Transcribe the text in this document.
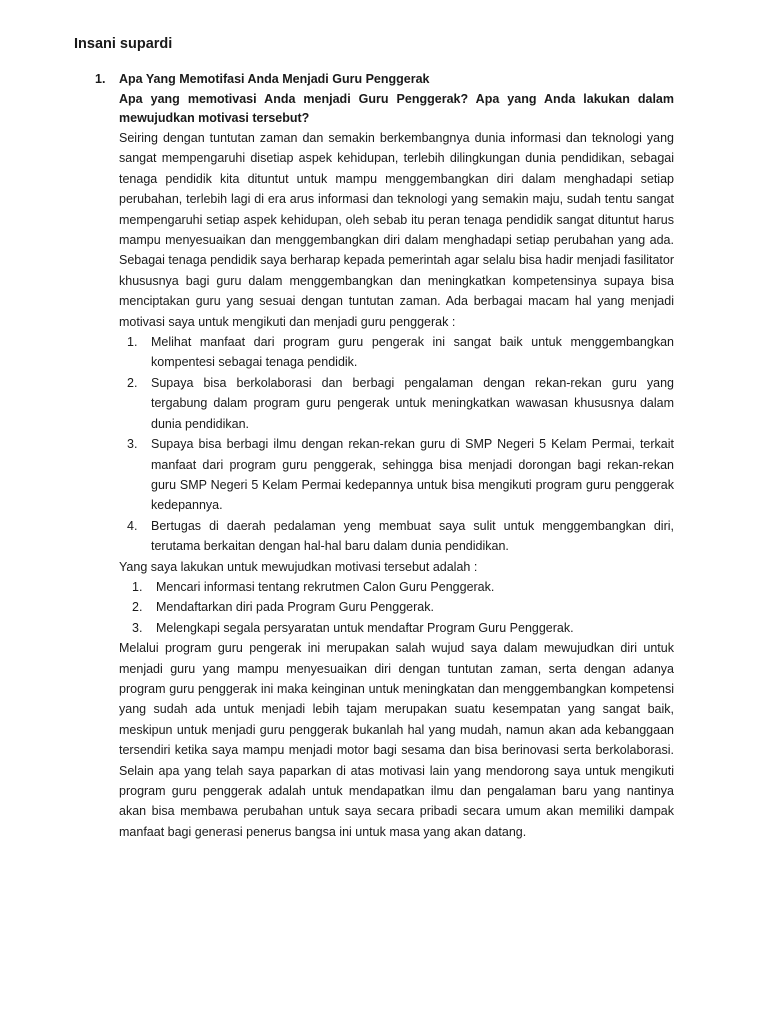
Insani supardi
1. Apa Yang Memotifasi Anda Menjadi Guru Penggerak

Apa yang memotivasi Anda menjadi Guru Penggerak? Apa yang Anda lakukan dalam mewujudkan motivasi tersebut?

Seiring dengan tuntutan zaman dan semakin berkembangnya dunia informasi dan teknologi yang sangat mempengaruhi disetiap aspek kehidupan, terlebih dilingkungan dunia pendidikan, sebagai tenaga pendidik kita dituntut untuk mampu menggembangkan diri dalam menghadapi setiap perubahan, terlebih lagi di era arus informasi dan teknologi yang semakin maju, sudah tentu sangat mempengaruhi setiap aspek kehidupan, oleh sebab itu peran tenaga pendidik sangat dituntut harus mampu menyesuaikan dan menggembangkan diri dalam menghadapi setiap perubahan yang ada. Sebagai tenaga pendidik saya berharap kepada pemerintah agar selalu bisa hadir menjadi fasilitator khususnya bagi guru dalam menggembangkan dan meningkatkan kompetensinya supaya bisa menciptakan guru yang sesuai dengan tuntutan zaman. Ada berbagai macam hal yang menjadi motivasi saya untuk mengikuti dan menjadi guru penggerak :

1. Melihat manfaat dari program guru pengerak ini sangat baik untuk menggembangkan kompentesi sebagai tenaga pendidik.
2. Supaya bisa berkolaborasi dan berbagi pengalaman dengan rekan-rekan guru yang tergabung dalam program guru pengerak untuk meningkatkan wawasan khususnya dalam dunia pendidikan.
3. Supaya bisa berbagi ilmu dengan rekan-rekan guru di SMP Negeri 5 Kelam Permai, terkait manfaat dari program guru penggerak, sehingga bisa menjadi dorongan bagi rekan-rekan guru SMP Negeri 5 Kelam Permai kedepannya untuk bisa mengikuti program guru penggerak kedepannya.
4. Bertugas di daerah pedalaman yeng membuat saya sulit untuk menggembangkan diri, terutama berkaitan dengan hal-hal baru dalam dunia pendidikan.

Yang saya lakukan untuk mewujudkan motivasi tersebut adalah :

1. Mencari informasi tentang rekrutmen Calon Guru Penggerak.
2. Mendaftarkan diri pada Program Guru Penggerak.
3. Melengkapi segala persyaratan untuk mendaftar Program Guru Penggerak.

Melalui program guru pengerak ini merupakan salah wujud saya dalam mewujudkan diri untuk menjadi guru yang mampu menyesuaikan diri dengan tuntutan zaman, serta dengan adanya program guru penggerak ini maka keinginan untuk meningkatan dan menggembangkan kompetensi yang sudah ada untuk menjadi lebih tajam merupakan suatu kesempatan yang sangat baik, meskipun untuk menjadi guru penggerak bukanlah hal yang mudah, namun akan ada kebanggaan tersendiri ketika saya mampu menjadi motor bagi sesama dan bisa berinovasi serta berkolaborasi. Selain apa yang telah saya paparkan di atas motivasi lain yang mendorong saya untuk mengikuti program guru penggerak adalah untuk mendapatkan ilmu dan pengalaman baru yang nantinya akan bisa membawa perubahan untuk saya secara pribadi secara umum akan memiliki dampak manfaat bagi generasi penerus bangsa ini untuk masa yang akan datang.
